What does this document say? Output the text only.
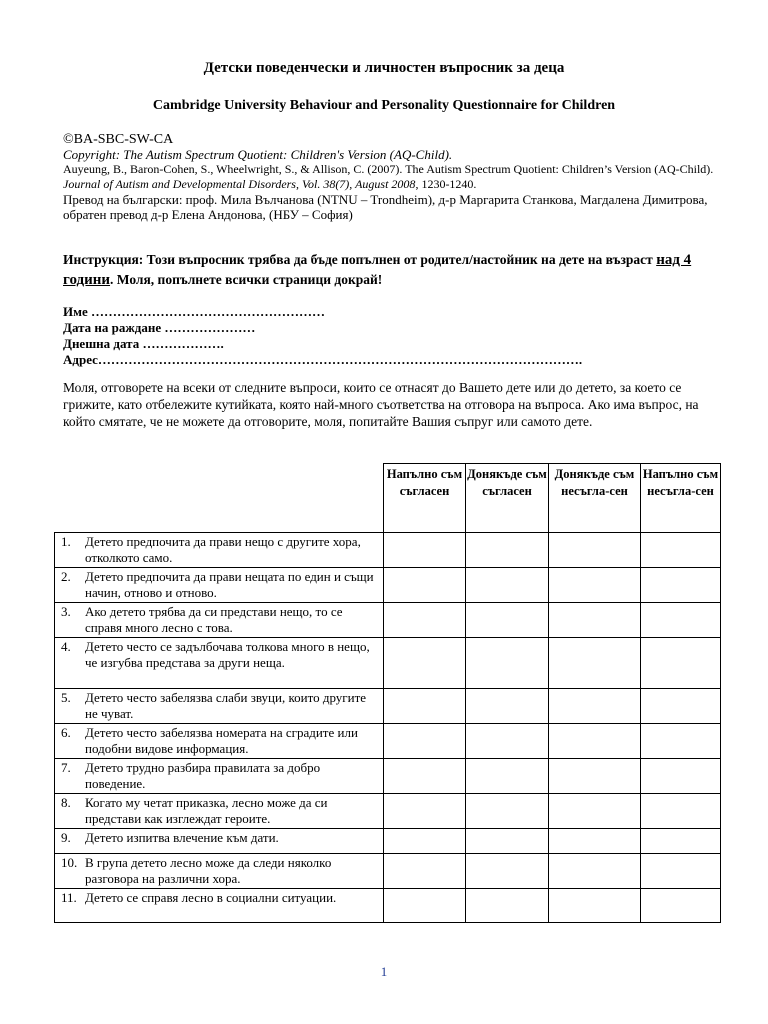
Детски поведенчески и личностен въпросник за деца
Cambridge University Behaviour and Personality Questionnaire for Children
©BA-SBC-SW-CA
Copyright: The Autism Spectrum Quotient: Children's Version (AQ-Child).
Auyeung, B., Baron-Cohen, S., Wheelwright, S., & Allison, C. (2007). The Autism Spectrum Quotient: Children’s Version (AQ-Child). Journal of Autism and Developmental Disorders, Vol. 38(7), August 2008, 1230-1240.
Превод на български: проф. Мила Вълчанова (NTNU – Trondheim), д-р Маргарита Станкова, Магдалена Димитрова, обратен превод д-р Елена Андонова, (НБУ – София)
Инструкция: Този въпросник трябва да бъде попълнен от родител/настойник на дете на възраст над 4 години. Моля, попълнете всички страници докрай!
Име ………………………………………………
Дата на раждане …………………
Днешна дата ……………….
Адрес………………………………………………………………………………………………….
Моля, отговорете на всеки от следните въпроси, които се отнасят до Вашето дете или до детето, за което се грижите, като отбележите кутийката, която най-много съответства на отговора на въпроса. Ако има въпрос, на който смятате, че не можете да отговорите, моля, попитайте Вашия съпруг или самото дете.
	Напълно съм съгласен	Донякъде съм съгласен	Донякъде съм несъгла-сен	Напълно съм несъгла-сен

1. Детето предпочита да прави нещо с другите хора, отколкото само.				

2. Детето предпочита да прави нещата по един и същи начин, отново и отново.				

3. Ако детето трябва да си представи нещо, то се справя много лесно с това.				

4. Детето често се задълбочава толкова много в нещо, че изгубва представа за други неща.				

5. Детето често забелязва слаби звуци, които другите не чуват.				

6. Детето често забелязва номерата на сградите или подобни видове информация.				

7. Детето трудно разбира правилата за добро поведение.				

8. Когато му четат приказка, лесно може да си представи как изглеждат героите.				

9. Детето изпитва влечение към дати.				

10. В група детето лесно може да следи няколко разговора на различни хора.				

11. Детето се справя лесно в социални ситуации.				

1
